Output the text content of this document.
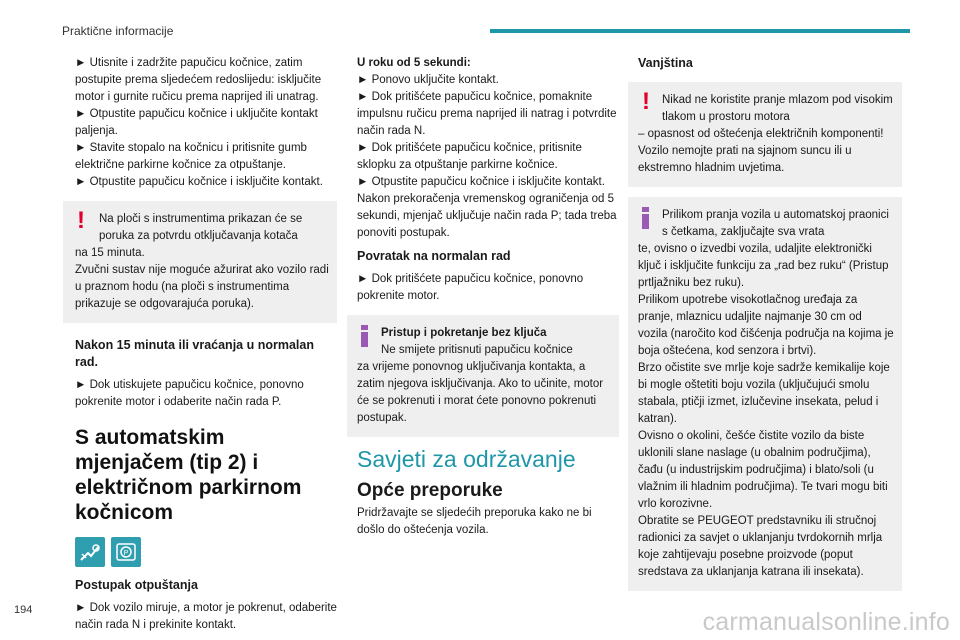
Praktične informacije

► Utisnite i zadržite papučicu kočnice, zatim postupite prema sljedećem redoslijedu: isključite motor i gurnite ručicu prema naprijed ili unatrag.

► Otpustite papučicu kočnice i uključite kontakt paljenja.

► Stavite stopalo na kočnicu i pritisnite gumb električne parkirne kočnice za otpuštanje.

► Otpustite papučicu kočnice i isključite kontakt.

!	Na ploči s instrumentima prikazan će se poruka za potvrdu otključavanja kotača

na 15 minuta.

Zvučni sustav nije moguće ažurirat ako vozilo radi u praznom hodu (na ploči s instrumentima prikazuje se odgovarajuća poruka).

Nakon 15 minuta ili vraćanja u normalan rad.

► Dok utiskujete papučicu kočnice, ponovno pokrenite motor i odaberite način rada P.

S automatskim mjenjačem (tip 2) i električnom parkirnom kočnicom
P
Postupak otpuštanja

► Dok vozilo miruje, a motor je pokrenut, odaberite način rada N i prekinite kontakt.

U roku od 5 sekundi:

► Ponovo uključite kontakt.

► Dok pritišćete papučicu kočnice, pomaknite impulsnu ručicu prema naprijed ili natrag i potvrdite način rada N.

► Dok pritišćete papučicu kočnice, pritisnite sklopku za otpuštanje parkirne kočnice.

► Otpustite papučicu kočnice i isključite kontakt.

Nakon prekoračenja vremenskog ograničenja od 5 sekundi, mjenjač uključuje način rada P; tada treba ponoviti postupak.

Povratak na normalan rad

► Dok pritišćete papučicu kočnice, ponovno pokrenite motor.

Pristup i pokretanje bez ključa

Ne smijete pritisnuti papučicu kočnice

za vrijeme ponovnog uključivanja kontakta, a zatim njegova isključivanja. Ako to učinite, motor će se pokrenuti i morat ćete ponovno pokrenuti postupak.

Savjeti za održavanje
Opće preporuke

Pridržavajte se sljedećih preporuka kako ne bi došlo do oštećenja vozila.

Vanjština
!	Nikad ne koristite pranje mlazom pod visokim tlakom u prostoru motora

– opasnost od oštećenja električnih komponenti!

Vozilo nemojte prati na sjajnom suncu ili u ekstremno hladnim uvjetima.

Prilikom pranja vozila u automatskoj praonici s četkama, zaključajte sva vrata

te, ovisno o izvedbi vozila, udaljite elektronički ključ i isključite funkciju za „rad bez ruku“ (Pristup prtljažniku bez ruku).

Prilikom upotrebe visokotlačnog uređaja za pranje, mlaznicu udaljite najmanje 30 cm od vozila (naročito kod čišćenja područja na kojima je boja oštećena, kod senzora i brtvi).

Brzo očistite sve mrlje koje sadrže kemikalije koje bi mogle oštetiti boju vozila (uključujući smolu stabala, ptičji izmet, izlučevine insekata, pelud i katran).

Ovisno o okolini, češće čistite vozilo da biste uklonili slane naslage (u obalnim područjima), čađu (u industrijskim područjima) i blato/soli (u vlažnim ili hladnim područjima). Te tvari mogu biti vrlo korozivne.

Obratite se PEUGEOT predstavniku ili stručnoj radionici za savjet o uklanjanju tvrdokornih mrlja koje zahtijevaju posebne proizvode (poput sredstava za uklanjanja katrana ili insekata).

194	carmanualsonline.info
